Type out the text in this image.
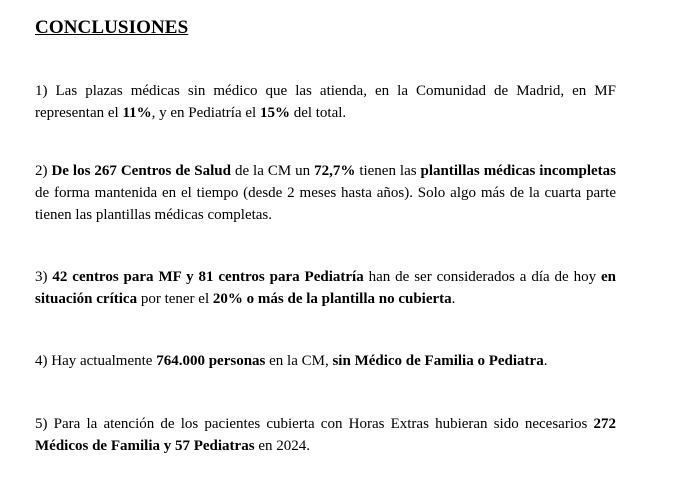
CONCLUSIONES

1) Las plazas médicas sin médico que las atienda, en la Comunidad de Madrid, en MF representan el 11%, y en Pediatría el 15% del total.

2) De los 267 Centros de Salud de la CM un 72,7% tienen las plantillas médicas incompletas de forma mantenida en el tiempo (desde 2 meses hasta años). Solo algo más de la cuarta parte tienen las plantillas médicas completas.

3) 42 centros para MF y 81 centros para Pediatría han de ser considerados a día de hoy en situación crítica por tener el 20% o más de la plantilla no cubierta.

4) Hay actualmente 764.000 personas en la CM, sin Médico de Familia o Pediatra.

5) Para la atención de los pacientes cubierta con Horas Extras hubieran sido necesarios 272 Médicos de Familia y 57 Pediatras en 2024.
